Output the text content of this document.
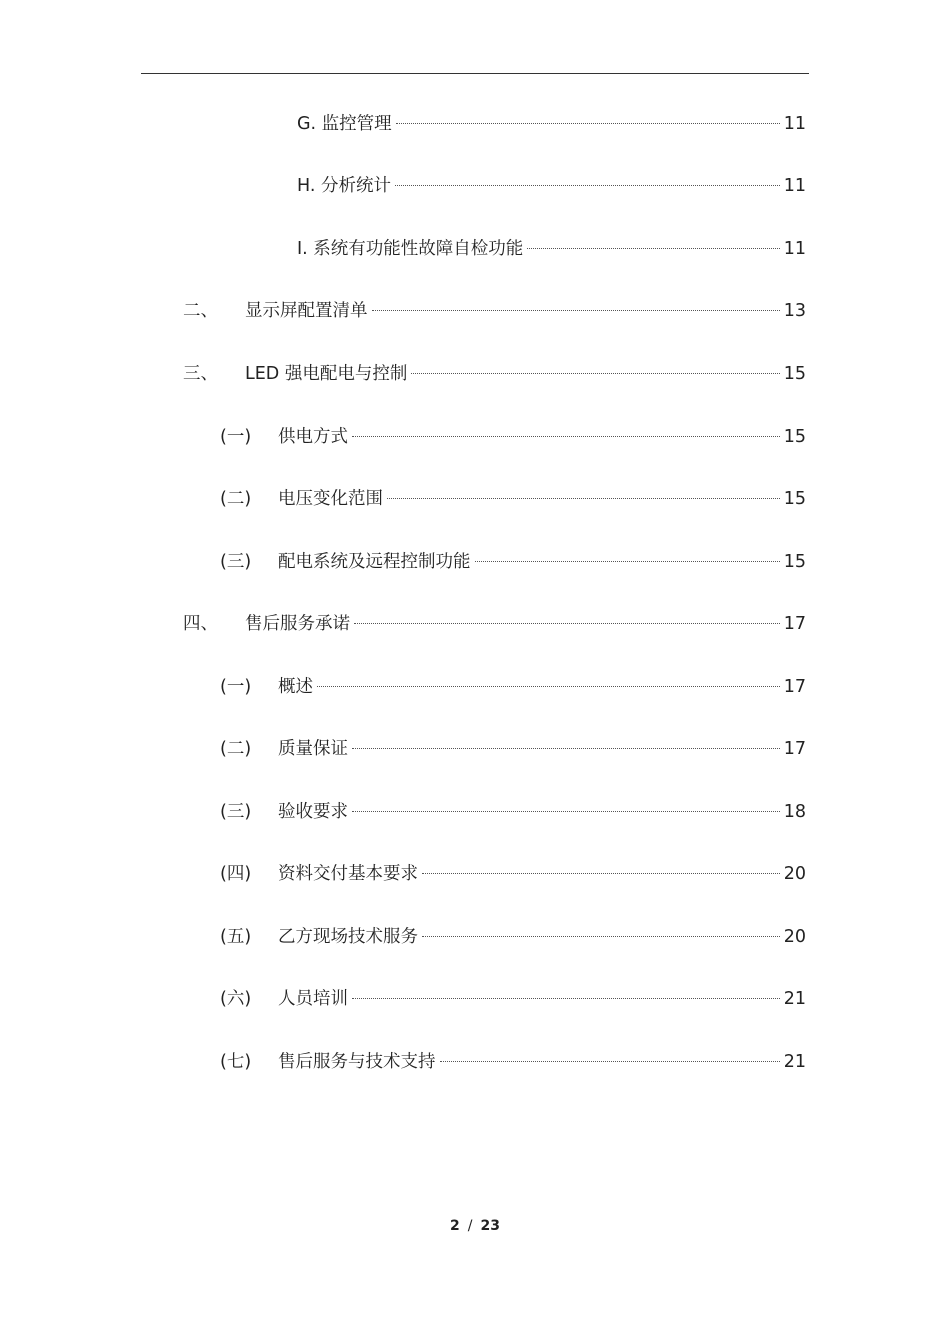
G. 监控管理	11
H. 分析统计	11
I. 系统有功能性故障自检功能	11
二、 显示屏配置清单	13
三、 LED 强电配电与控制	15
(一) 供电方式	15
(二) 电压变化范围	15
(三) 配电系统及远程控制功能	15
四、 售后服务承诺	17
(一) 概述	17
(二) 质量保证	17
(三) 验收要求	18
(四) 资料交付基本要求	20
(五) 乙方现场技术服务	20
(六) 人员培训	21
(七) 售后服务与技术支持	21
2 / 23
